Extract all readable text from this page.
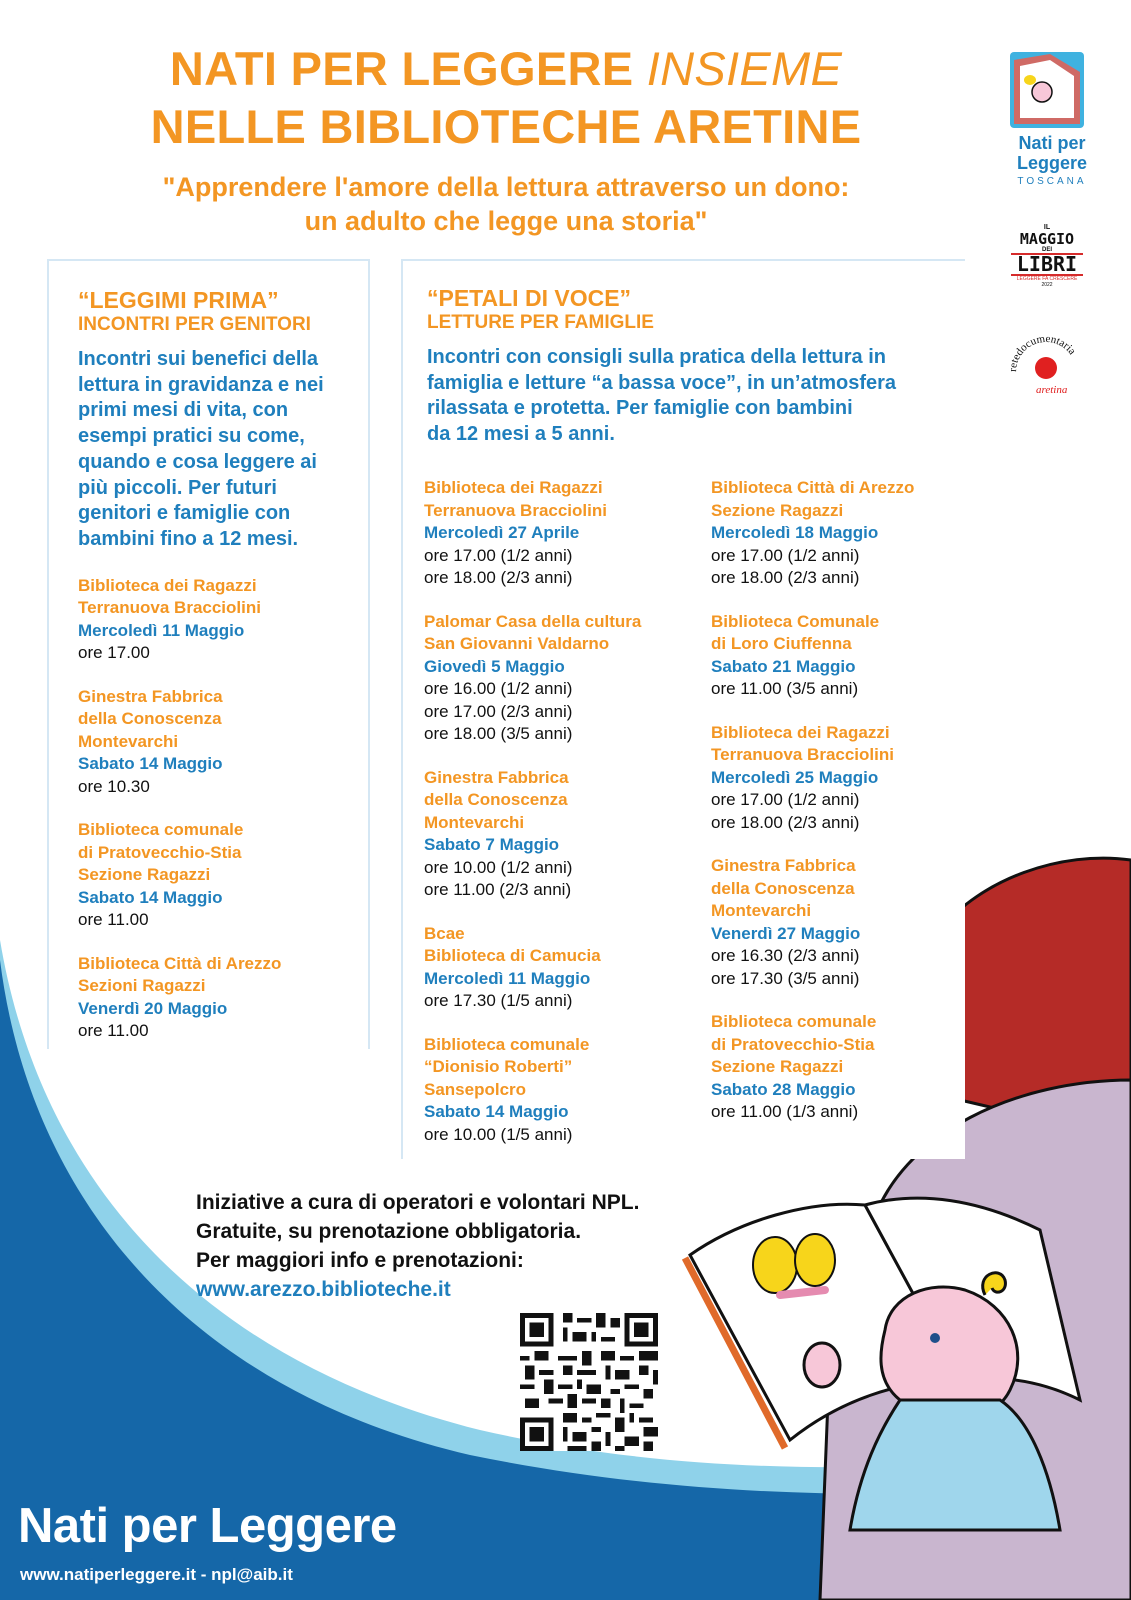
NATI PER LEGGERE INSIEME
NELLE BIBLIOTECHE ARETINE
"Apprendere l'amore della lettura attraverso un dono:
un adulto che legge una storia"
Nati per
Leggere
TOSCANA
IL
MAGGIO
DEI
LIBRI
LEGGERE FA CRESCERE
2022
retedocumentaria
aretina
“LEGGIMI PRIMA”
INCONTRI PER GENITORI
Incontri sui benefici della
lettura in gravidanza e nei
primi mesi di vita, con
esempi pratici su come,
quando e cosa leggere ai
più piccoli. Per futuri
genitori e famiglie con
bambini fino a 12 mesi.
Biblioteca dei Ragazzi
Terranuova Bracciolini
Mercoledì 11 Maggio
ore 17.00
Ginestra Fabbrica
della Conoscenza
Montevarchi
Sabato 14 Maggio
ore 10.30
Biblioteca comunale
di Pratovecchio-Stia
Sezione Ragazzi
Sabato 14 Maggio
ore 11.00
Biblioteca Città di Arezzo
Sezioni Ragazzi
Venerdì 20 Maggio
ore 11.00
“PETALI DI VOCE”
LETTURE PER FAMIGLIE
Incontri con consigli sulla pratica della lettura in
famiglia e letture “a bassa voce”, in un’atmosfera
rilassata e protetta. Per famiglie con bambini
da 12 mesi a 5 anni.
Biblioteca dei Ragazzi
Terranuova Bracciolini
Mercoledì 27 Aprile
ore 17.00 (1/2 anni)
ore 18.00 (2/3 anni)
Palomar Casa della cultura
San Giovanni Valdarno
Giovedì 5 Maggio
ore 16.00 (1/2 anni)
ore 17.00 (2/3 anni)
ore 18.00 (3/5 anni)
Ginestra Fabbrica
della Conoscenza
Montevarchi
Sabato 7 Maggio
ore 10.00 (1/2 anni)
ore 11.00 (2/3 anni)
Bcae
Biblioteca di Camucia
Mercoledì 11 Maggio
ore 17.30 (1/5 anni)
Biblioteca comunale
“Dionisio Roberti”
Sansepolcro
Sabato 14 Maggio
ore 10.00 (1/5 anni)
Biblioteca Città di Arezzo
Sezione Ragazzi
Mercoledì 18 Maggio
ore 17.00 (1/2 anni)
ore 18.00 (2/3 anni)
Biblioteca Comunale
di Loro Ciuffenna
Sabato 21 Maggio
ore 11.00 (3/5 anni)
Biblioteca dei Ragazzi
Terranuova Bracciolini
Mercoledì 25 Maggio
ore 17.00 (1/2 anni)
ore 18.00 (2/3 anni)
Ginestra Fabbrica
della Conoscenza
Montevarchi
Venerdì 27 Maggio
ore 16.30 (2/3 anni)
ore 17.30 (3/5 anni)
Biblioteca comunale
di Pratovecchio-Stia
Sezione Ragazzi
Sabato 28 Maggio
ore 11.00 (1/3 anni)
Iniziative a cura di operatori e volontari NPL.
Gratuite, su prenotazione obbligatoria.
Per maggiori info e prenotazioni:
www.arezzo.biblioteche.it
Nati per Leggere
www.natiperleggere.it - npl@aib.it
